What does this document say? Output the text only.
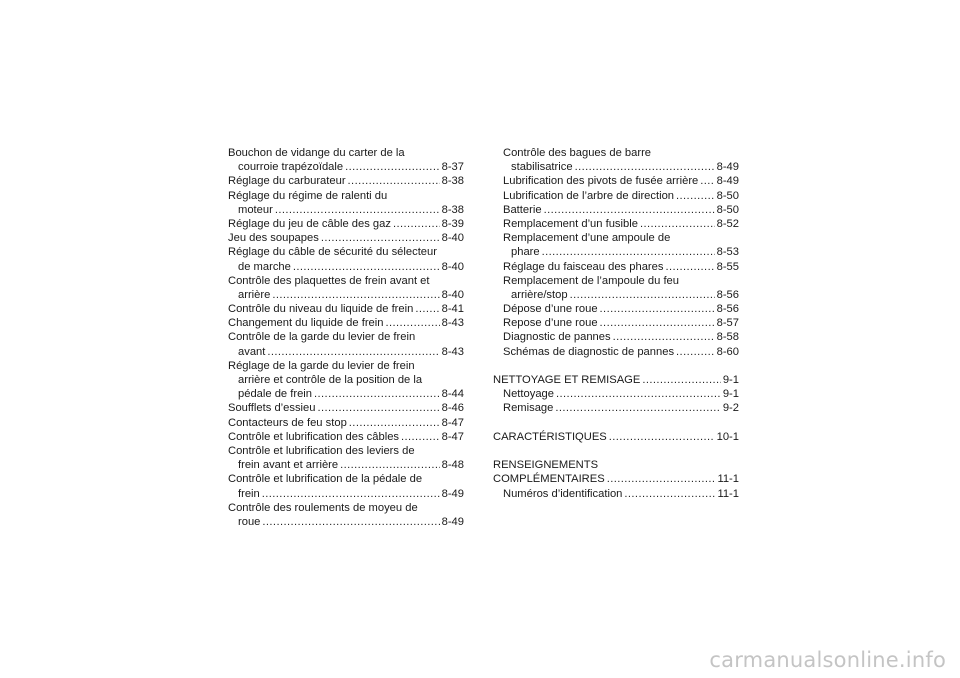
Bouchon de vidange du carter de la
courroie trapézoïdale .....	8-37
Réglage du carburateur .....	8-38
Réglage du régime de ralenti du
moteur .....	8-38
Réglage du jeu de câble des gaz .....	8-39
Jeu des soupapes .....	8-40
Réglage du câble de sécurité du sélecteur
de marche .....	8-40
Contrôle des plaquettes de frein avant et
arrière .....	8-40
Contrôle du niveau du liquide de frein .....	8-41
Changement du liquide de frein .....	8-43
Contrôle de la garde du levier de frein
avant .....	8-43
Réglage de la garde du levier de frein
arrière et contrôle de la position de la
pédale de frein .....	8-44
Soufflets d’essieu .....	8-46
Contacteurs de feu stop .....	8-47
Contrôle et lubrification des câbles .....	8-47
Contrôle et lubrification des leviers de
frein avant et arrière .....	8-48
Contrôle et lubrification de la pédale de
frein .....	8-49
Contrôle des roulements de moyeu de
roue .....	8-49
Contrôle des bagues de barre
stabilisatrice .....	8-49
Lubrification des pivots de fusée arrière ..... 8-49
Lubrification de l’arbre de direction .....	8-50
Batterie .....	8-50
Remplacement d’un fusible .....	8-52
Remplacement d’une ampoule de
phare .....	8-53
Réglage du faisceau des phares .....	8-55
Remplacement de l’ampoule du feu
arrière/stop .....	8-56
Dépose d’une roue .....	8-56
Repose d’une roue .....	8-57
Diagnostic de pannes .....	8-58
Schémas de diagnostic de pannes .....	8-60
NETTOYAGE ET REMISAGE .....	9-1
Nettoyage .....	9-1
Remisage .....	9-2
CARACTÉRISTIQUES .....	10-1
RENSEIGNEMENTS
COMPLÉMENTAIRES .....	11-1
Numéros d’identification .....	11-1
carmanualsonline.info
